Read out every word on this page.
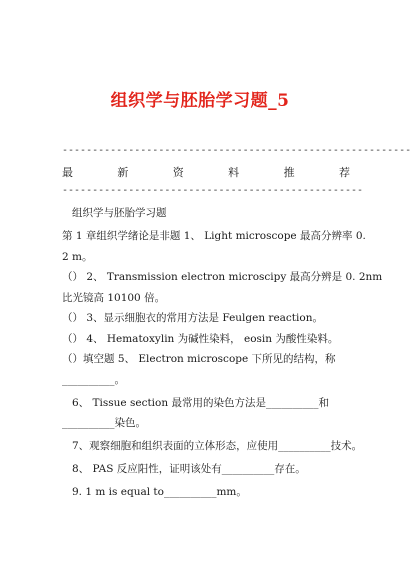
组织学与胚胎学习题_5
----------------------------------------------------------
最	新	资	料	推	荐
--------------------------------------------------
组织学与胚胎学习题
第 1 章组织学绪论是非题 1、 Light microscope 最高分辨率 0.
2 m。
（） 2、 Transmission electron microscipy 最高分辨是 0. 2nm
比光镜高 10100 倍。
（） 3、显示细胞衣的常用方法是 Feulgen reaction。
（） 4、 Hematoxylin 为碱性染料， eosin 为酸性染料。
（）填空题 5、 Electron microscope 下所见的结构，称
__________。
6、 Tissue section 最常用的染色方法是__________和
__________染色。
7、观察细胞和组织表面的立体形态，应使用__________技术。
8、 PAS 反应阳性，证明该处有__________存在。
9. 1 m is equal to__________mm。
